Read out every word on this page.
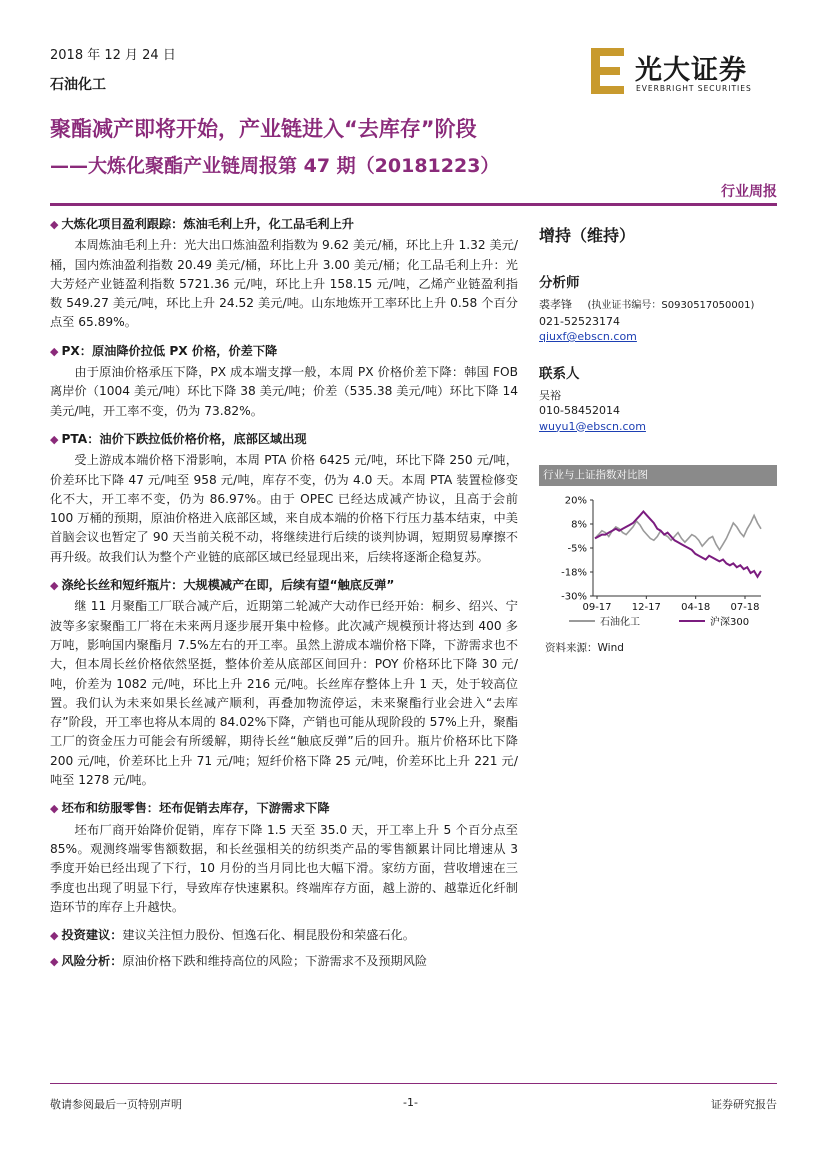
2018 年 12 月 24 日
石油化工	光大证券
EVERBRIGHT SECURITIES
聚酯减产即将开始，产业链进入“去库存”阶段
——大炼化聚酯产业链周报第 47 期（20181223）
行业周报
◆ 大炼化项目盈利跟踪：炼油毛利上升，化工品毛利上升

本周炼油毛利上升：光大出口炼油盈利指数为 9.62 美元/桶，环比上升 1.32 美元/桶，国内炼油盈利指数 20.49 美元/桶，环比上升 3.00 美元/桶；化工品毛利上升：光大芳烃产业链盈利指数 5721.36 元/吨，环比上升 158.15 元/吨，乙烯产业链盈利指数 549.27 美元/吨，环比上升 24.52 美元/吨。山东地炼开工率环比上升 0.58 个百分点至 65.89%。

◆ PX：原油降价拉低 PX 价格，价差下降

由于原油价格承压下降，PX 成本端支撑一般，本周 PX 价格价差下降：韩国 FOB 离岸价（1004 美元/吨）环比下降 38 美元/吨；价差（535.38 美元/吨）环比下降 14 美元/吨，开工率不变，仍为 73.82%。

◆ PTA：油价下跌拉低价格价格，底部区域出现

受上游成本端价格下滑影响，本周 PTA 价格 6425 元/吨，环比下降 250 元/吨，价差环比下降 47 元/吨至 958 元/吨，库存不变，仍为 4.0 天。本周 PTA 装置检修变化不大，开工率不变，仍为 86.97%。由于 OPEC 已经达成减产协议，且高于会前 100 万桶的预期，原油价格进入底部区域，来自成本端的价格下行压力基本结束，中美首脑会议也暂定了 90 天当前关税不动，将继续进行后续的谈判协调，短期贸易摩擦不再升级。故我们认为整个产业链的底部区域已经显现出来，后续将逐渐企稳复苏。

◆ 涤纶长丝和短纤瓶片：大规模减产在即，后续有望“触底反弹”

继 11 月聚酯工厂联合减产后，近期第二轮减产大动作已经开始：桐乡、绍兴、宁波等多家聚酯工厂将在未来两月逐步展开集中检修。此次减产规模预计将达到 400 多万吨，影响国内聚酯月 7.5%左右的开工率。虽然上游成本端价格下降，下游需求也不大，但本周长丝价格依然坚挺，整体价差从底部区间回升：POY 价格环比下降 30 元/吨，价差为 1082 元/吨，环比上升 216 元/吨。长丝库存整体上升 1 天，处于较高位置。我们认为未来如果长丝减产顺利，再叠加物流停运，未来聚酯行业会进入“去库存”阶段，开工率也将从本周的 84.02%下降，产销也可能从现阶段的 57%上升，聚酯工厂的资金压力可能会有所缓解，期待长丝“触底反弹”后的回升。瓶片价格环比下降 200 元/吨，价差环比上升 71 元/吨；短纤价格下降 25 元/吨，价差环比上升 221 元/吨至 1278 元/吨。

◆ 坯布和纺服零售：坯布促销去库存，下游需求下降

坯布厂商开始降价促销，库存下降 1.5 天至 35.0 天，开工率上升 5 个百分点至 85%。观测终端零售额数据，和长丝强相关的纺织类产品的零售额累计同比增速从 3 季度开始已经出现了下行，10 月份的当月同比也大幅下滑。家纺方面，营收增速在三季度也出现了明显下行，导致库存快速累积。终端库存方面，越上游的、越靠近化纤制造环节的库存上升越快。

◆ 投资建议：建议关注恒力股份、恒逸石化、桐昆股份和荣盛石化。

◆ 风险分析：原油价格下跌和维持高位的风险；下游需求不及预期风险

增持（维持）
分析师
裘孝锋 (执业证书编号：S0930517050001)
021-52523174
qiuxf@ebscn.com
联系人
吴裕
010-58452014
wuyu1@ebscn.com
行业与上证指数对比图
20%
8%
-5%
-18%
-30%
09-17 12-17 04-18 07-18
石油化工	沪深300
资料来源：Wind
敬请参阅最后一页特别声明	-1-	证券研究报告
